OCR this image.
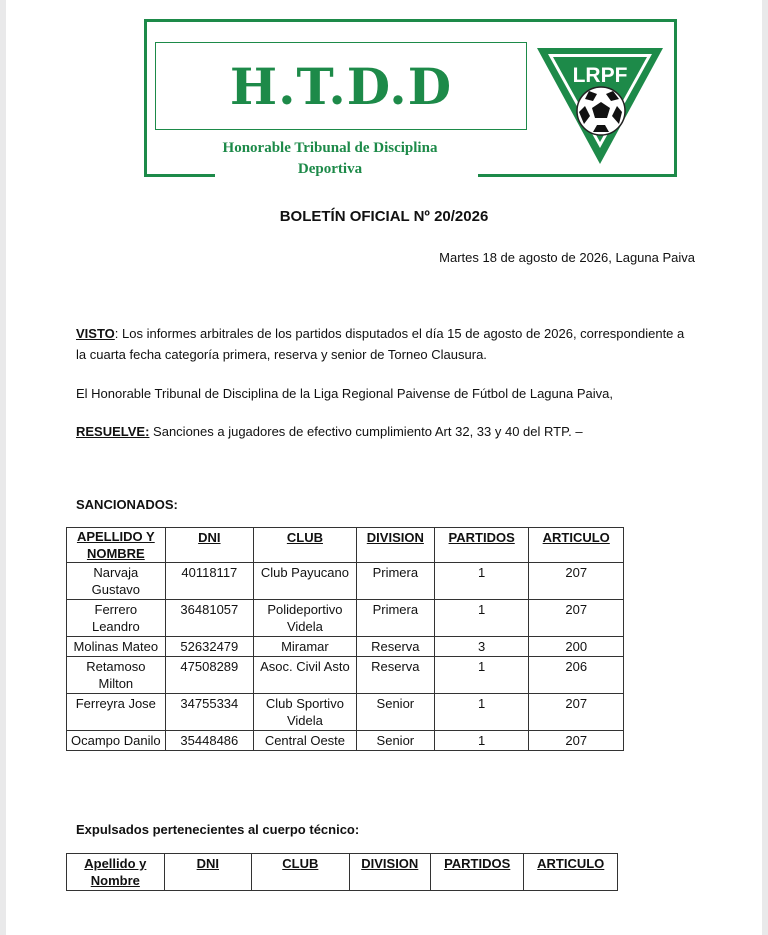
H.T.D.D
Honorable Tribunal de Disciplina
Deportiva
LRPF
BOLETÍN OFICIAL Nº 20/2026
Martes 18 de agosto de 2026, Laguna Paiva
VISTO: Los informes arbitrales de los partidos disputados el día 15 de agosto de 2026, correspondiente a la cuarta fecha categoría primera, reserva y senior de Torneo Clausura.
El Honorable Tribunal de Disciplina de la Liga Regional Paivense de Fútbol de Laguna Paiva,
RESUELVE: Sanciones a jugadores de efectivo cumplimiento Art 32, 33 y 40 del RTP. –
SANCIONADOS:
APELLIDO Y NOMBRE	DNI	CLUB	DIVISION	PARTIDOS	ARTICULO
Narvaja Gustavo	40118117	Club Payucano	Primera	1	207
Ferrero Leandro	36481057	Polideportivo Videla	Primera	1	207
Molinas Mateo	52632479	Miramar	Reserva	3	200
Retamoso Milton	47508289	Asoc. Civil Asto	Reserva	1	206
Ferreyra Jose	34755334	Club Sportivo Videla	Senior	1	207
Ocampo Danilo	35448486	Central Oeste	Senior	1	207
Expulsados pertenecientes al cuerpo técnico:
Apellido y Nombre	DNI	CLUB	DIVISION	PARTIDOS	ARTICULO
